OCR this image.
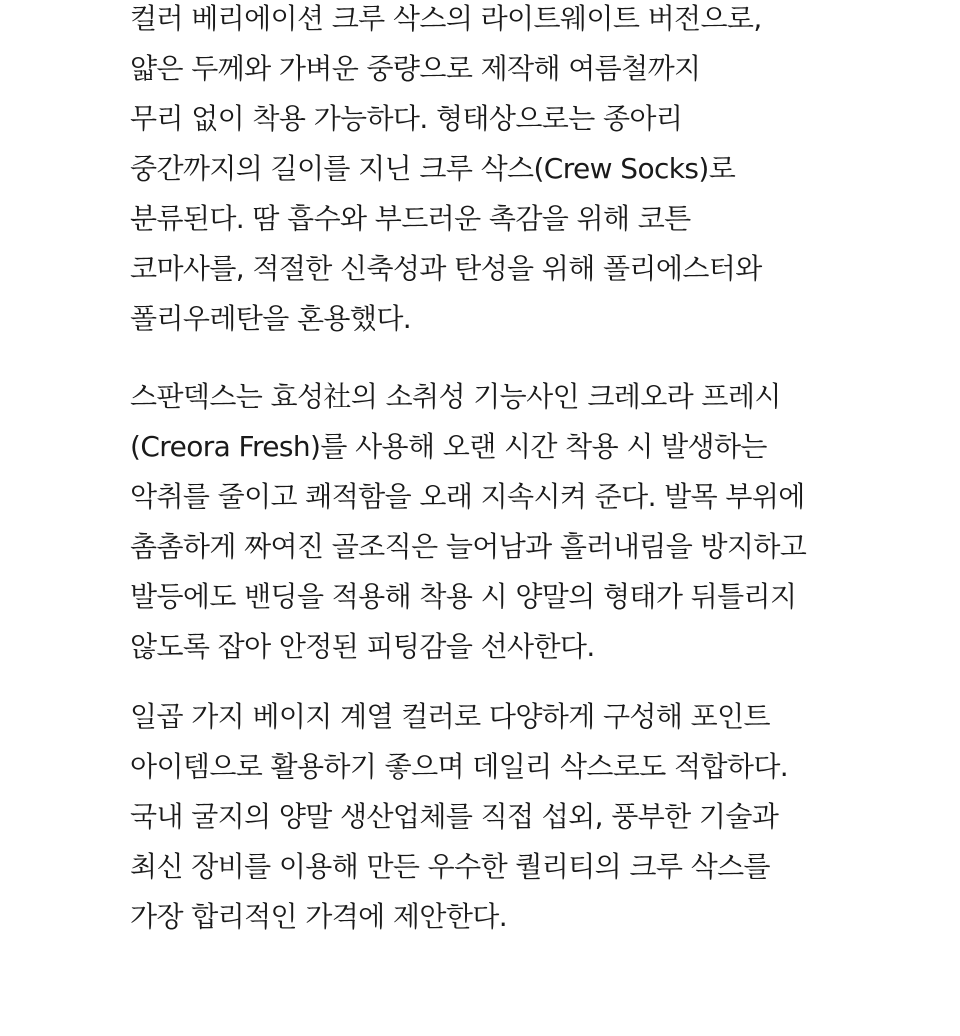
컬러 베리에이션 크루 삭스의 라이트웨이트 버전으로,
얇은 두께와 가벼운 중량으로 제작해 여름철까지
무리 없이 착용 가능하다. 형태상으로는 종아리
중간까지의 길이를 지닌 크루 삭스(Crew Socks)로
분류된다. 땀 흡수와 부드러운 촉감을 위해 코튼
코마사를, 적절한 신축성과 탄성을 위해 폴리에스터와
폴리우레탄을 혼용했다.
스판덱스는 효성社의 소취성 기능사인 크레오라 프레시
(Creora Fresh)를 사용해 오랜 시간 착용 시 발생하는
악취를 줄이고 쾌적함을 오래 지속시켜 준다. 발목 부위에
촘촘하게 짜여진 골조직은 늘어남과 흘러내림을 방지하고
발등에도 밴딩을 적용해 착용 시 양말의 형태가 뒤틀리지
않도록 잡아 안정된 피팅감을 선사한다.
일곱 가지 베이지 계열 컬러로 다양하게 구성해 포인트
아이템으로 활용하기 좋으며 데일리 삭스로도 적합하다.
국내 굴지의 양말 생산업체를 직접 섭외, 풍부한 기술과
최신 장비를 이용해 만든 우수한 퀄리티의 크루 삭스를
가장 합리적인 가격에 제안한다.
